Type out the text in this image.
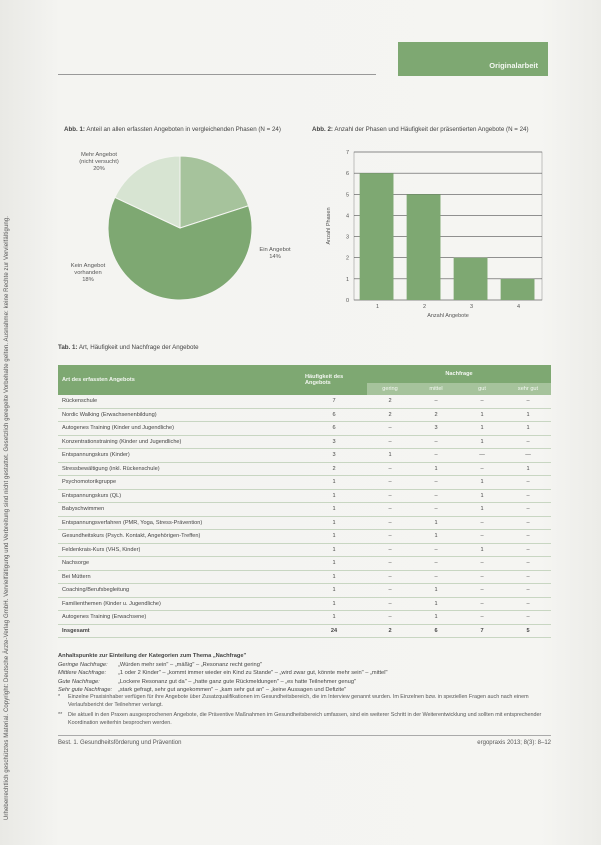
Urheberrechtlich geschütztes Material. Copyright: Deutsche Ärzte-Verlag GmbH. Vervielfältigung und Verbreitung sind nicht gestattet. Gesetzlich geregelte Vorbehalte gelten. Ausnahme: keine Rechte zur Vervielfältigung.
Originalarbeit
Abb. 1: Anteil an allen erfassten Angeboten in vergleichenden Phasen (N = 24)
Mehr Angebot
(nicht versucht)
20%
Ein Angebot
14%
Kein Angebot
vorhanden
18%
Abb. 2: Anzahl der Phasen und Häufigkeit der präsentierten Angebote (N = 24)
0
1
2
3
4
5
6
7
1	2	3	4
Anzahl Angebote
Anzahl Phasen
Tab. 1: Art, Häufigkeit und Nachfrage der Angebote
Art des erfassten Angebots	Häufigkeit des Angebots	Nachfrage			
		gering	mittel	gut	sehr gut
Rückenschule	7	2	–	–	–
Nordic Walking (Erwachsenenbildung)	6	2	2	1	1
Autogenes Training (Kinder und Jugendliche)	6	–	3	1	1
Konzentrationstraining (Kinder und Jugendliche)	3	–	–	1	–
Entspannungskurs (Kinder)	3	1	–	—	—
Stressbewältigung (inkl. Rückenschule)	2	–	1	–	1
Psychomotorikgruppe	1	–	–	1	–
Entspannungskurs (QL)	1	–	–	1	–
Babyschwimmen	1	–	–	1	–
Entspannungsverfahren (PMR, Yoga, Stress-Prävention)	1	–	1	–	–
Gesundheitskurs (Psych. Kontakt, Angehörigen-Treffen)	1	–	1	–	–
Feldenkrais-Kurs (VHS, Kinder)	1	–	–	1	–
Nachsorge	1	–	–	–	–
Bei Müttern	1	–	–	–	–
Coaching/Berufsbegleitung	1	–	1	–	–
Familienthemen (Kinder u. Jugendliche)	1	–	1	–	–
Autogenes Training (Erwachsene)	1	–	1	–	–
Insgesamt	24	2	6	7	5
Anhaltspunkte zur Einteilung der Kategorien zum Thema „Nachfrage"
Geringe Nachfrage: „Würden mehr sein" – „mäßig" – „Resonanz recht gering"
Mittlere Nachfrage: „1 oder 2 Kinder" – „kommt immer wieder ein Kind zu Stande" – „wird zwar gut, könnte mehr sein" – „mittel"
Gute Nachfrage:	„Lockere Resonanz gut da" – „hatte ganz gute Rückmeldungen" – „es hatte Teilnehmer genug"
Sehr gute Nachfrage: „stark gefragt, sehr gut angekommen" – „kam sehr gut an" – „keine Aussagen und Defizite"
* Einzelne Praxisinhaber verfügen für ihre Angebote über Zusatzqualifikationen im Gesundheitsbereich, die im Interview genannt wurden. Im Einzelnen bzw. in speziellen Fragen auch nach einem Verlaufsbericht der Teilnehmer verlangt.
** Die aktuell in den Praxen ausgesprochenen Angebote, die Präventive Maßnahmen im Gesundheitsbereich umfassen, sind ein weiterer Schritt in der Weiterentwicklung und sollten mit entsprechender Koordination weiterhin besprochen werden.
Best. 1. Gesundheitsförderung und Prävention	ergopraxis 2013; 8(3): 8–12
